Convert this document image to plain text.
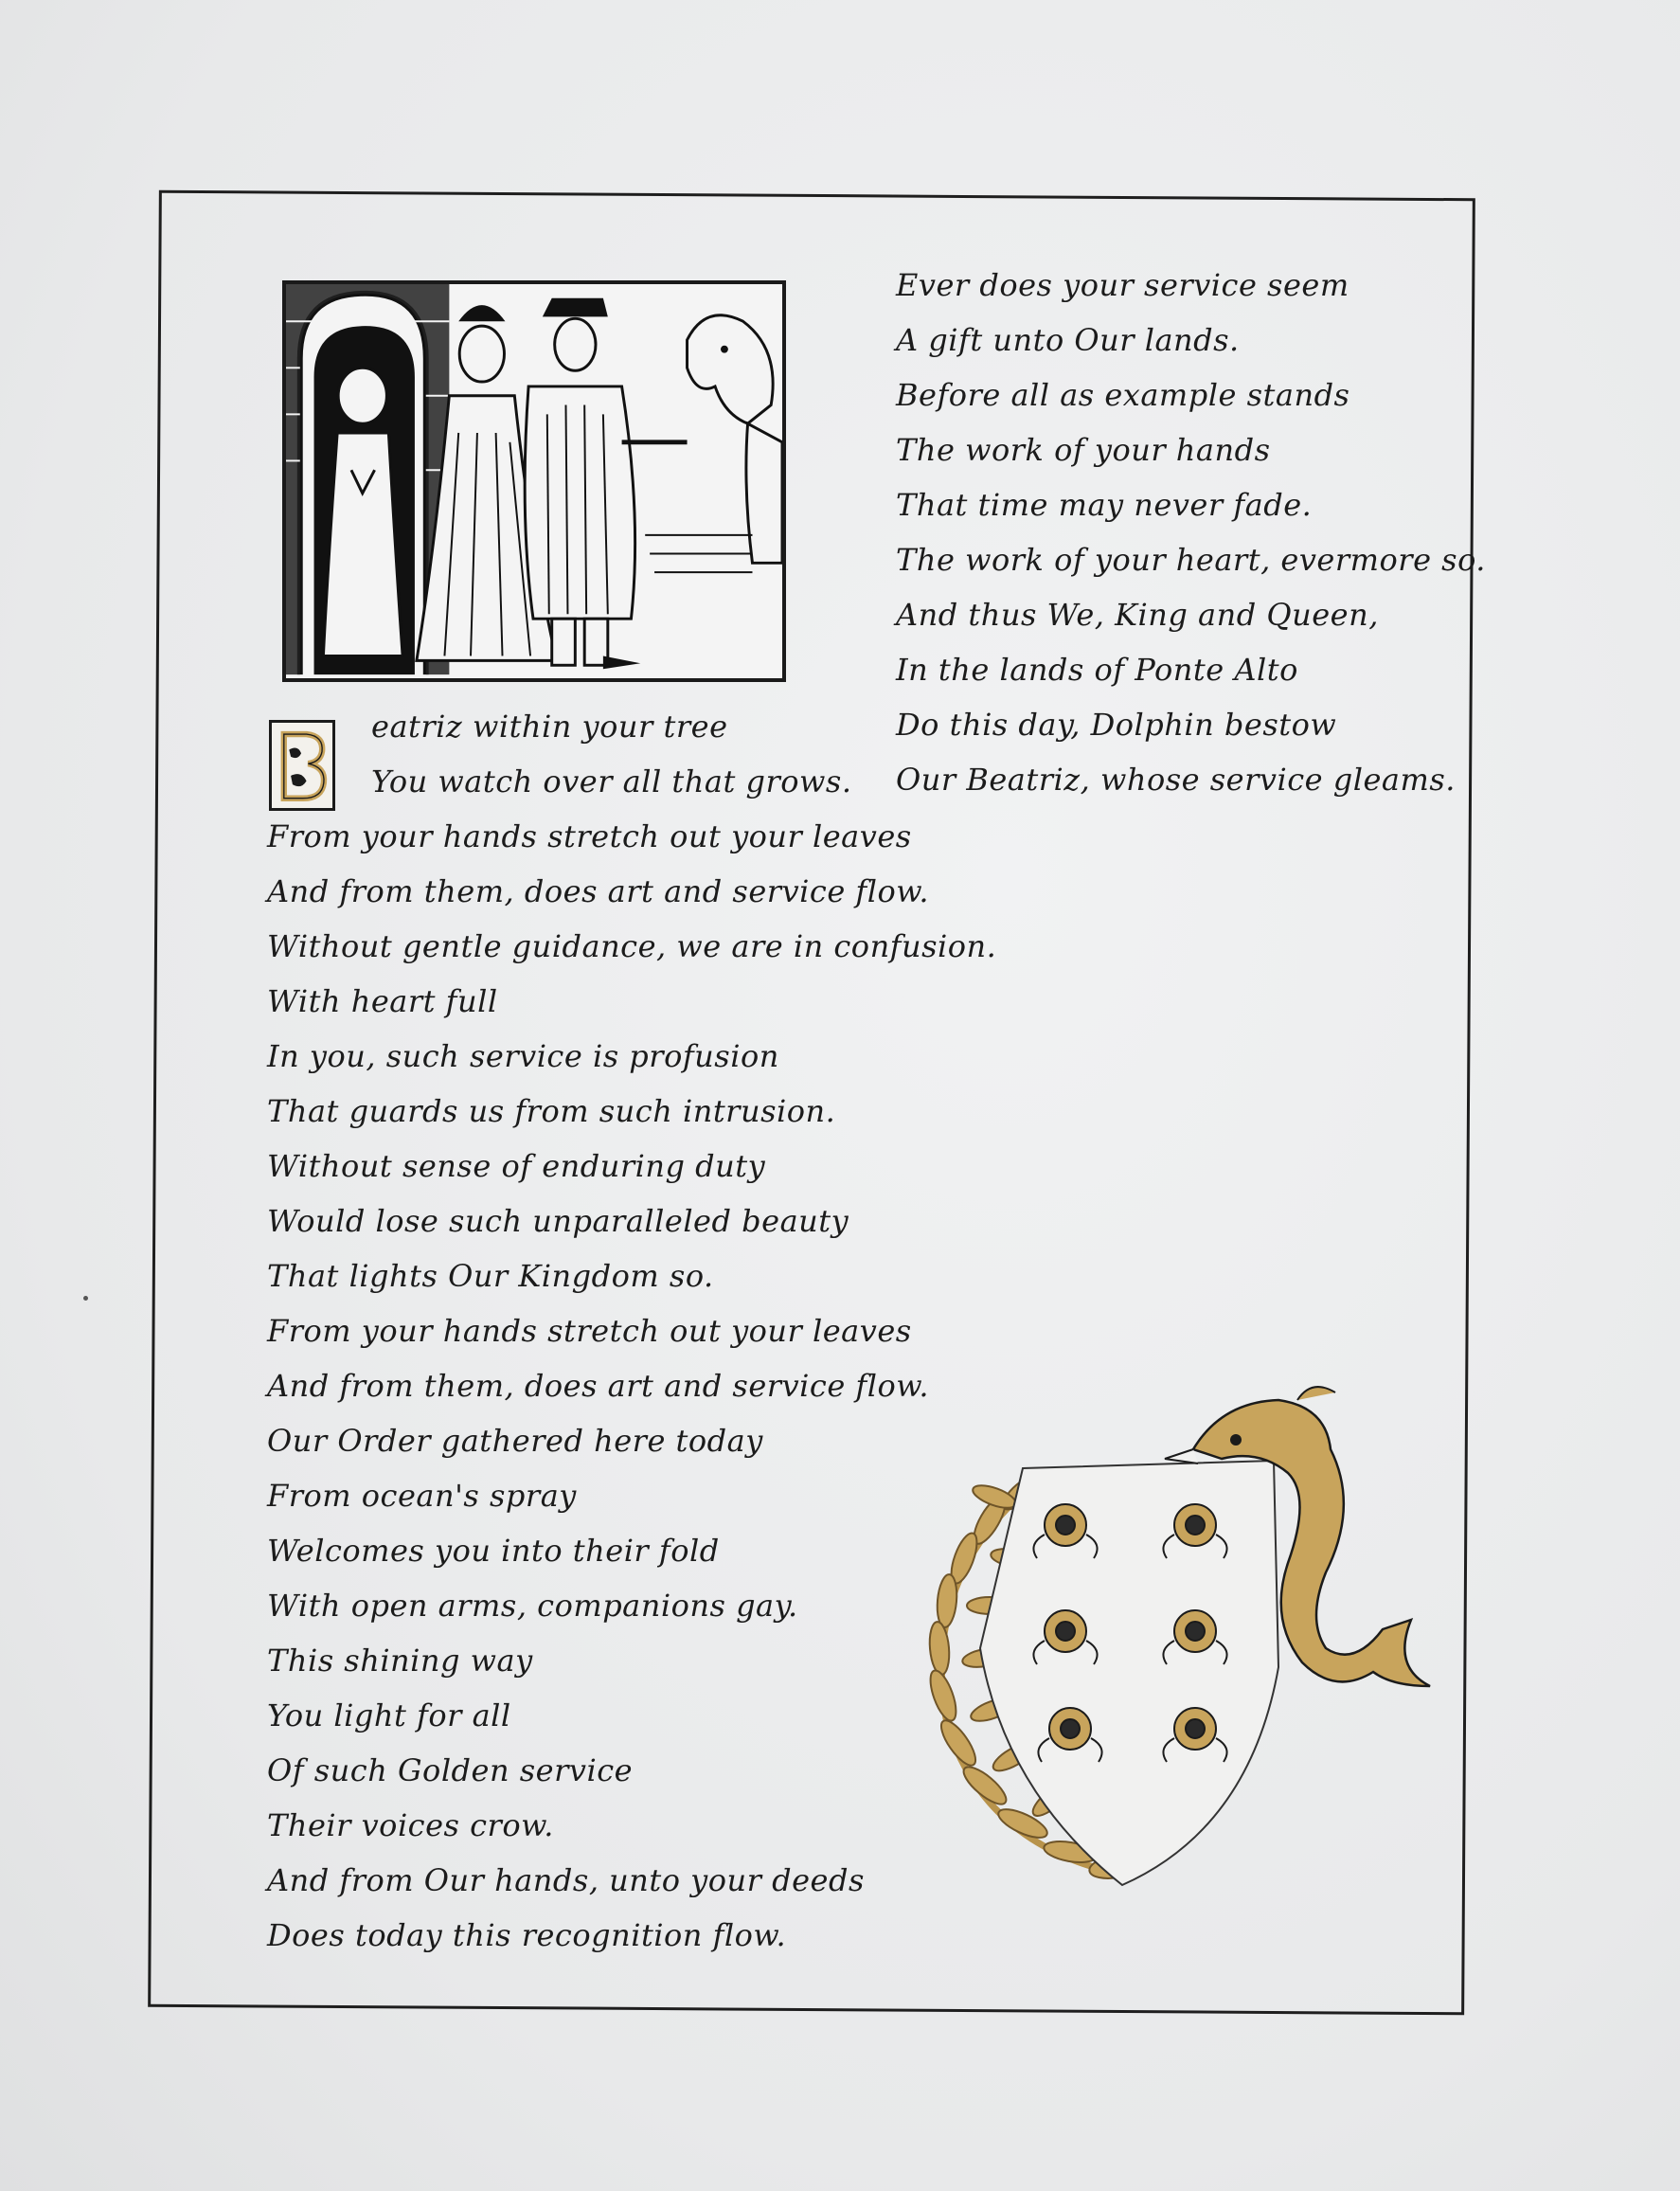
eatriz within your tree
You watch over all that grows.
From your hands stretch out your leaves
And from them, does art and service flow.
Without gentle guidance, we are in confusion.
With heart full
In you, such service is profusion
That guards us from such intrusion.
Without sense of enduring duty
Would lose such unparalleled beauty
That lights Our Kingdom so.
From your hands stretch out your leaves
And from them, does art and service flow.
Our Order gathered here today
From ocean's spray
Welcomes you into their fold
With open arms, companions gay.
This shining way
You light for all
Of such Golden service
Their voices crow.
And from Our hands, unto your deeds
Does today this recognition flow.
Ever does your service seem
A gift unto Our lands.
Before all as example stands
The work of your hands
That time may never fade.
The work of your heart, evermore so.
And thus We, King and Queen,
In the lands of Ponte Alto
Do this day, Dolphin bestow
Our Beatriz, whose service gleams.
